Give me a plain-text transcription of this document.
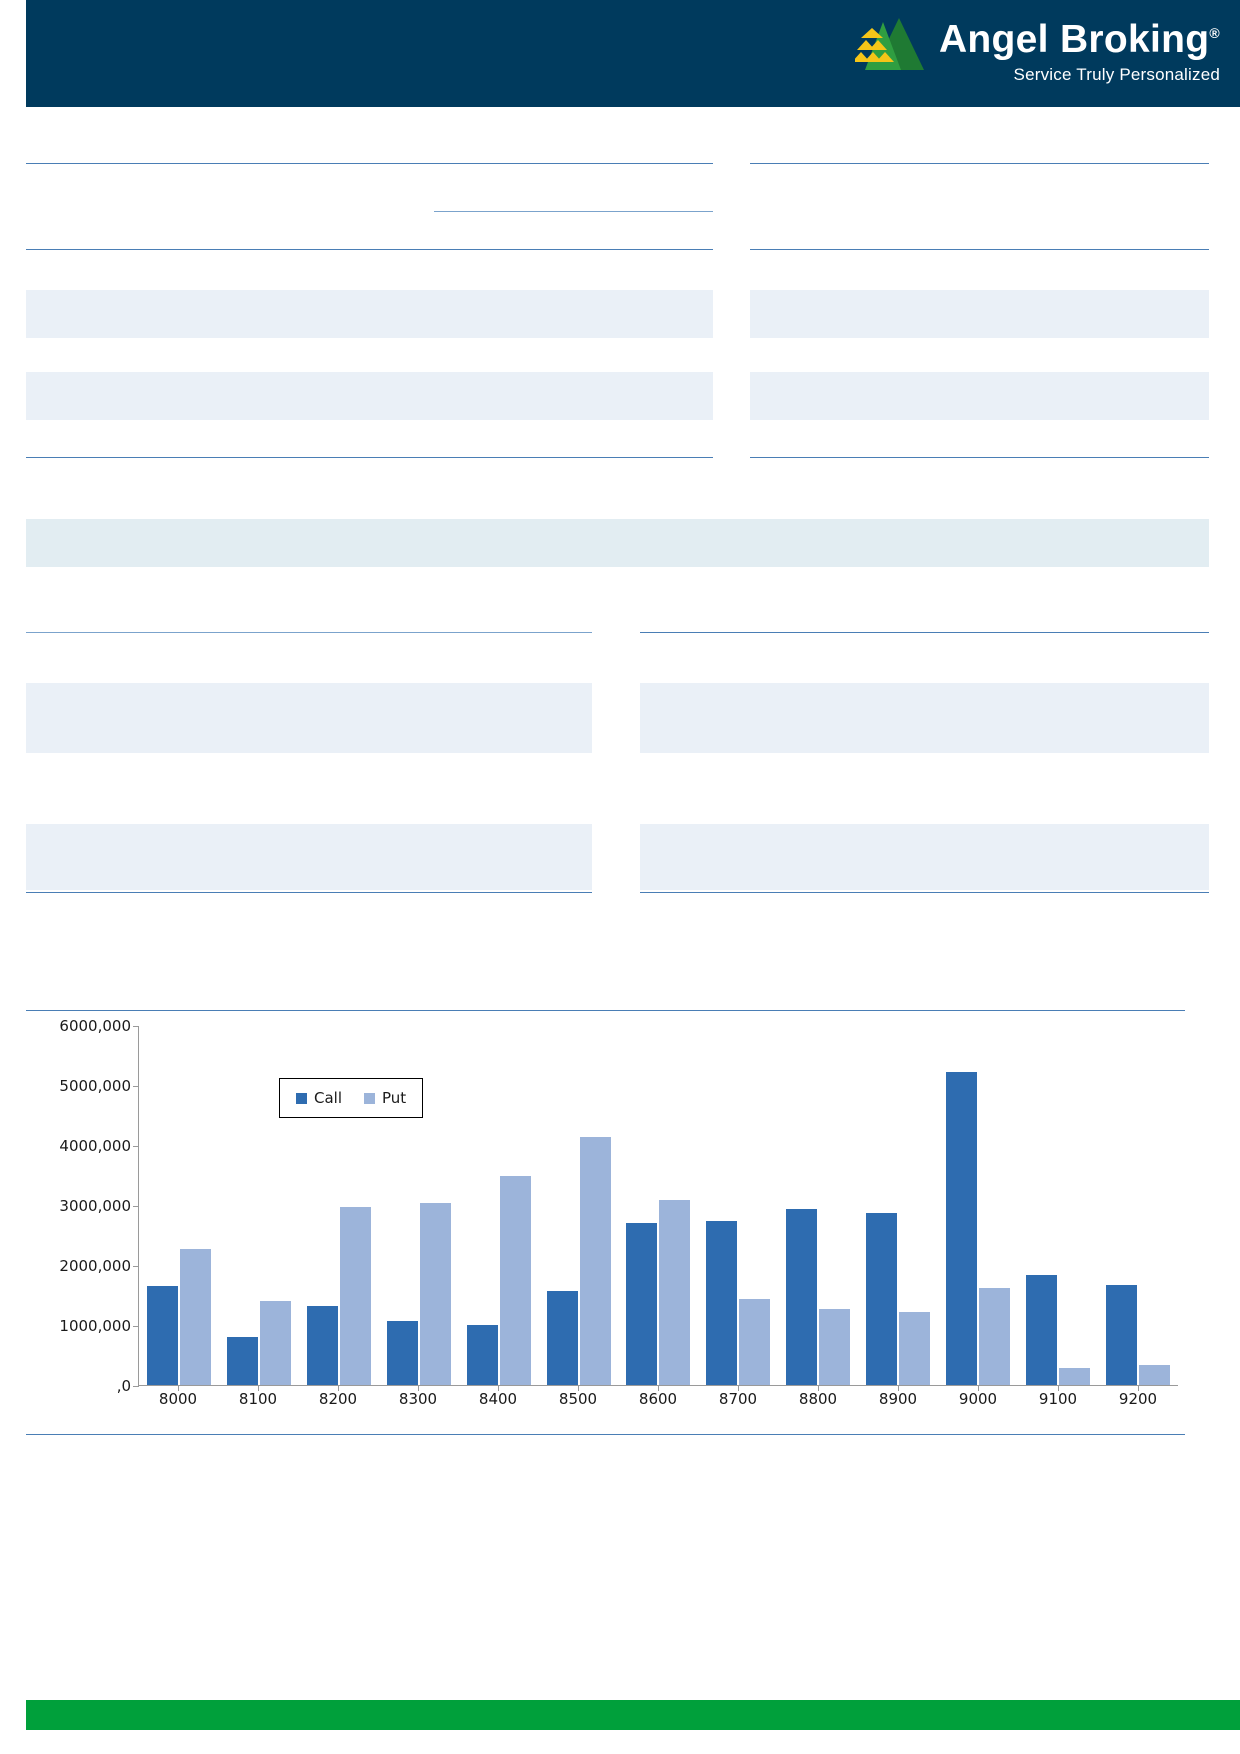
Angel Broking®
Service Truly Personalized
6000,000
5000,000
4000,000
3000,000
2000,000
1000,000
,0
Call	Put
8000	8100	8200	8300	8400	8500	8600	8700	8800	8900	9000	9100	9200
